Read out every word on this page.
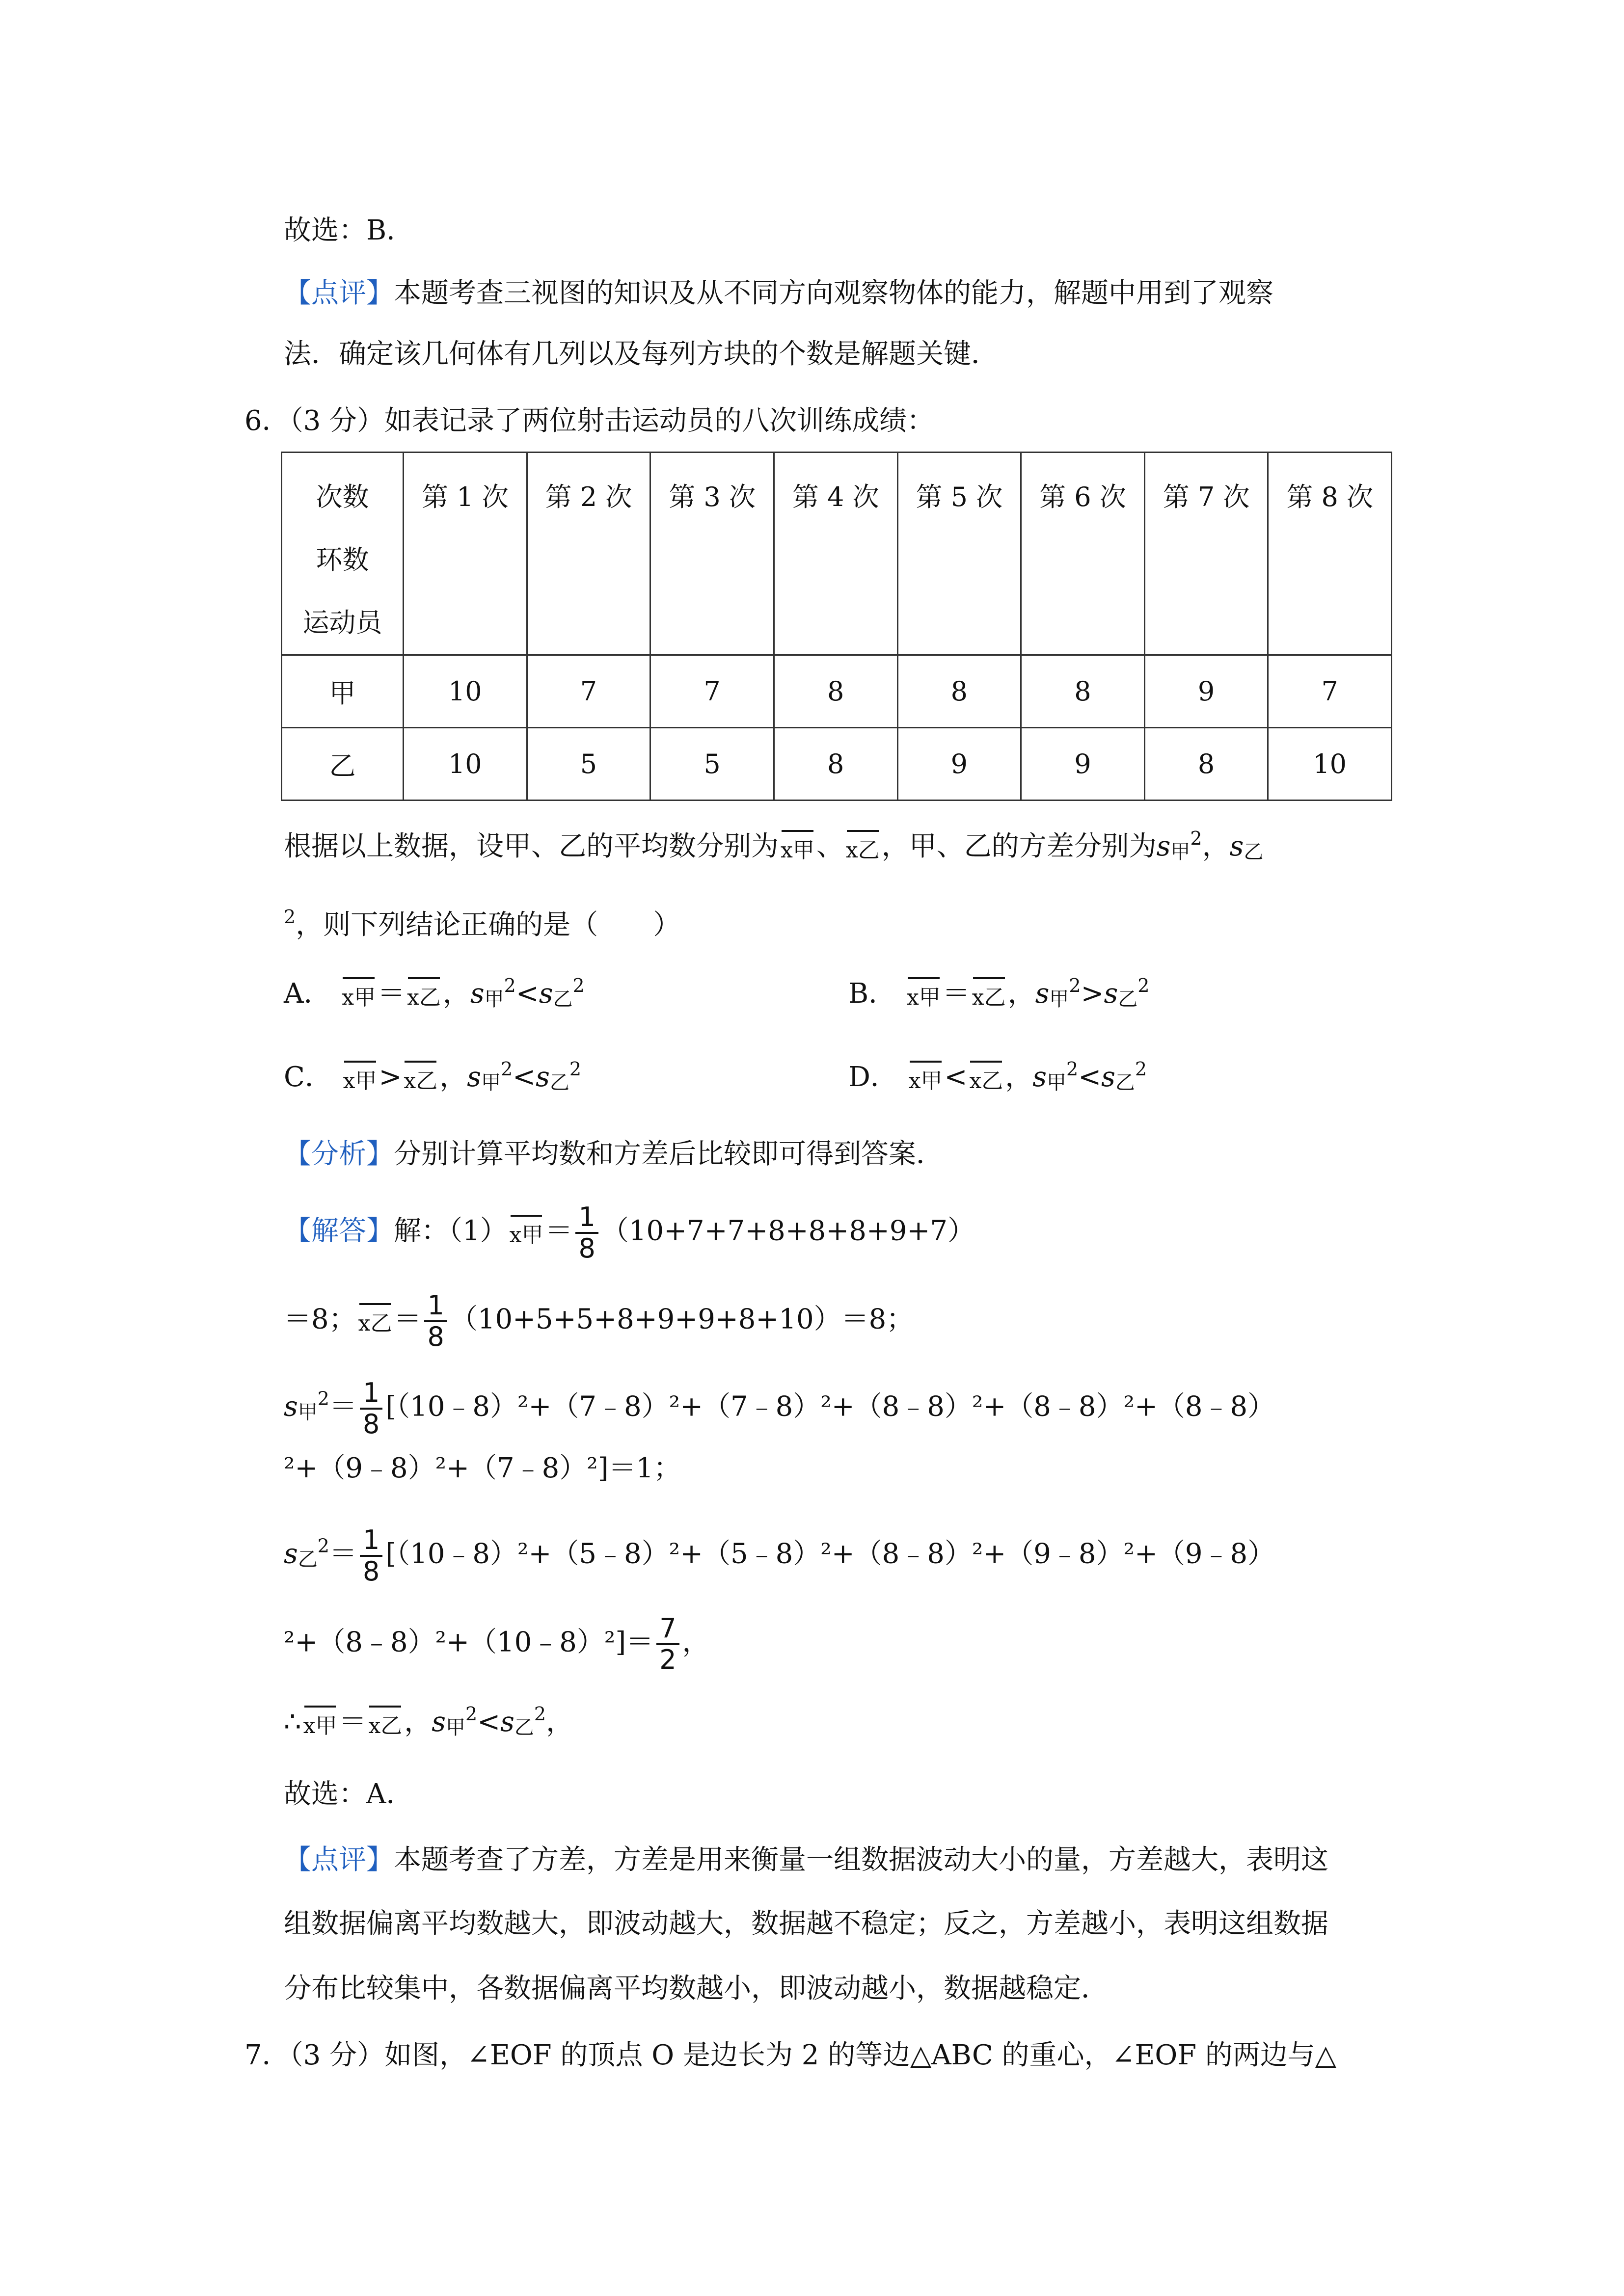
故选：B．
【点评】本题考查三视图的知识及从不同方向观察物体的能力，解题中用到了观察
法．确定该几何体有几列以及每列方块的个数是解题关键．
6．（3 分）如表记录了两位射击运动员的八次训练成绩：
次数
环数
运动员	第 1 次	第 2 次	第 3 次	第 4 次	第 5 次	第 6 次	第 7 次	第 8 次
甲	10	7	7	8	8	8	9	7
乙	10	5	5	8	9	9	8	10
根据以上数据，设甲、乙的平均数分别为x甲、x乙，甲、乙的方差分别为s甲$^2$，s乙
$^2$，则下列结论正确的是（　　）
A． x甲＝x乙，s甲$^2$<s乙$^2$	B． x甲＝x乙，s甲$^2$>s乙$^2$
C． x甲>x乙，s甲$^2$<s乙$^2$	D． x甲<x乙，s甲$^2$<s乙$^2$
【分析】分别计算平均数和方差后比较即可得到答案．
【解答】解：（1）x甲＝ $\frac{1}{8} (10+7+7+8+8+8+9+7)$
＝8；x乙＝ $\frac{1}{8} (10+5+5+8+9+9+8+10)=8$；
s甲$^2= \frac{1}{8}$ [（10﹣8）²+（7﹣8）²+（7﹣8）²+（8﹣8）²+（8﹣8）²+（8﹣8）
²+（9﹣8）²+（7﹣8）²]＝1；
s乙$^2= \frac{1}{8}$ [（10﹣8）²+（5﹣8）²+（5﹣8）²+（8﹣8）²+（9﹣8）²+（9﹣8）
²+（8﹣8）²+（10﹣8）²]＝ $\frac{7}{2}$ ，
∴x甲＝x乙，s甲$^2$<s乙$^2$，
故选：A．
【点评】本题考查了方差，方差是用来衡量一组数据波动大小的量，方差越大，表明这
组数据偏离平均数越大，即波动越大，数据越不稳定；反之，方差越小，表明这组数据
分布比较集中，各数据偏离平均数越小，即波动越小，数据越稳定．
7．（3 分）如图，∠EOF 的顶点 O 是边长为 2 的等边△ABC 的重心，∠EOF 的两边与△
